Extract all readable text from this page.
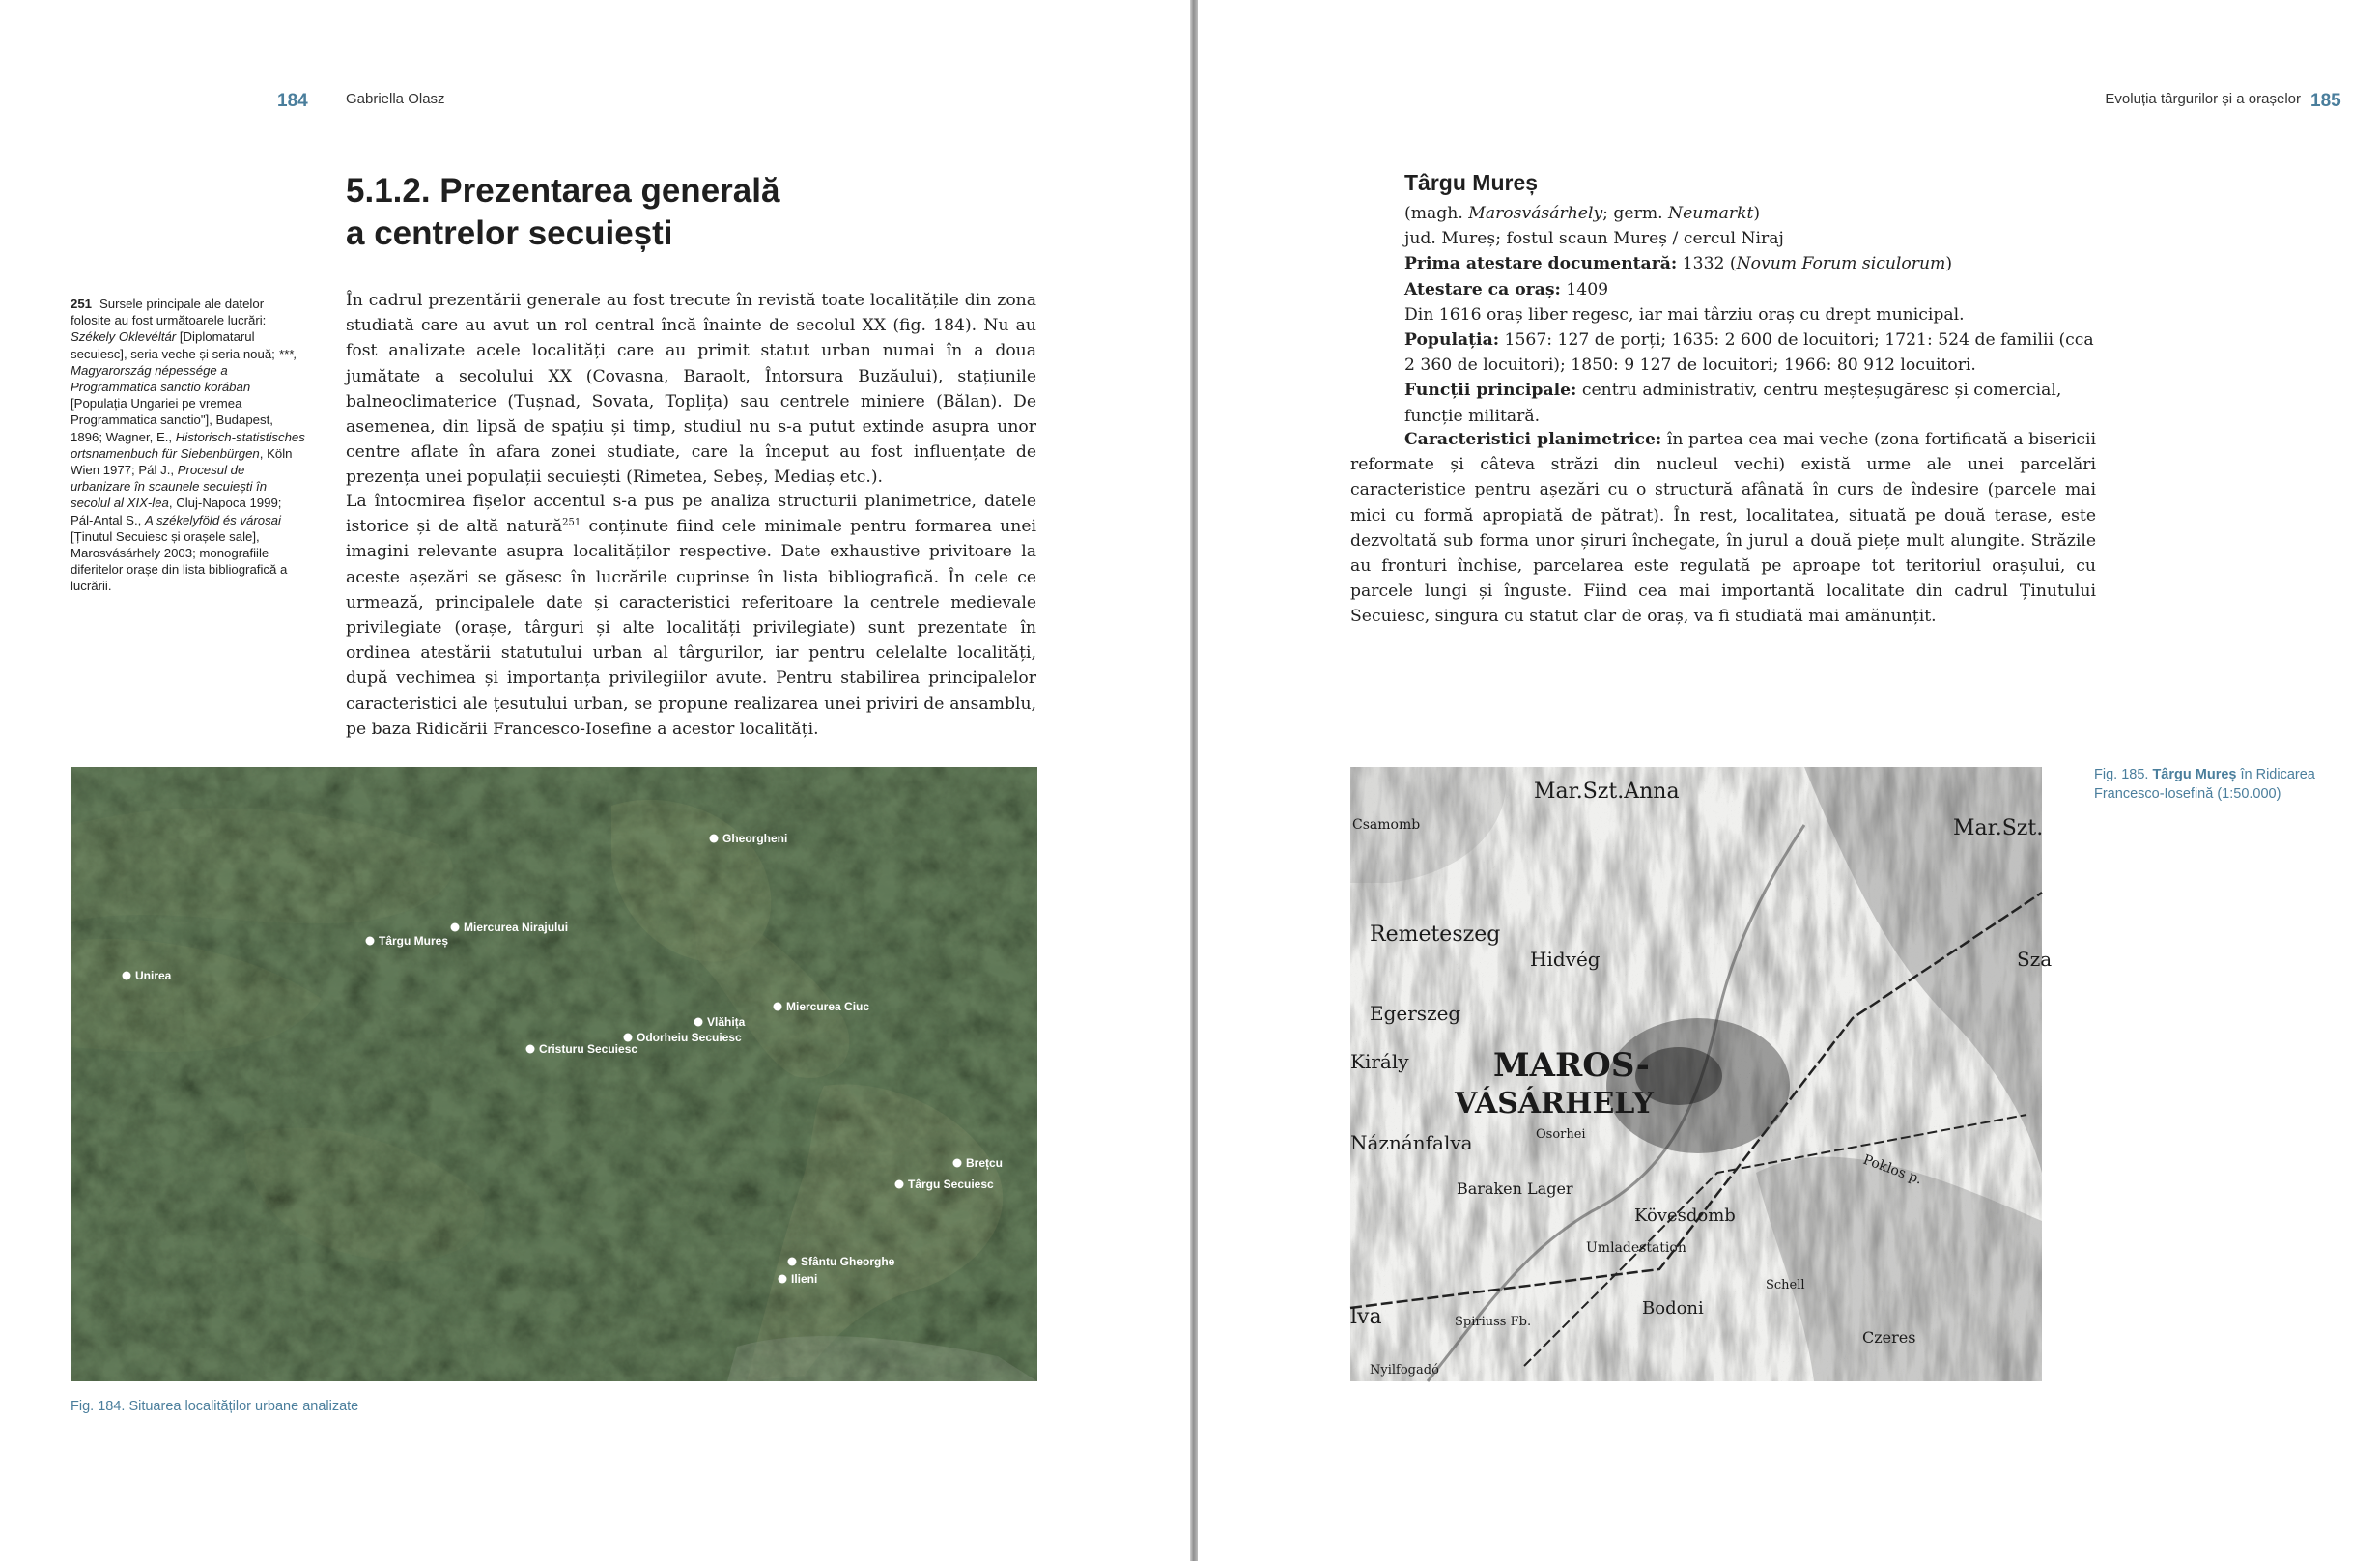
184	Gabriella Olasz
5.1.2. Prezentarea generală
a centrelor secuiești
251 Sursele principale ale datelor folosite au fost următoarele lucrări: Székely Oklevéltár [Diplomatarul secuiesc], seria veche și seria nouă; ***, Magyarország népessége a Programmatica sanctio korában [Populația Ungariei pe vremea Programmatica sanctio"], Budapest, 1896; Wagner, E., Historisch-statistisches ortsnamenbuch für Siebenbürgen, Köln Wien 1977; Pál J., Procesul de urbanizare în scaunele secuiești în secolul al XIX-lea, Cluj-Napoca 1999; Pál-Antal S., A székelyföld és városai [Ținutul Secuiesc și orașele sale], Marosvásárhely 2003; monografiile diferitelor orașe din lista bibliografică a lucrării.

În cadrul prezentării generale au fost trecute în revistă toate localitățile din zona studiată care au avut un rol central încă înainte de secolul XX (fig. 184). Nu au fost analizate acele localități care au primit statut urban numai în a doua jumătate a secolului XX (Covasna, Baraolt, Întorsura Buzăului), stațiunile balneoclimaterice (Tușnad, Sovata, Toplița) sau centrele miniere (Bălan). De asemenea, din lipsă de spațiu și timp, studiul nu s-a putut extinde asupra unor centre aflate în afara zonei studiate, care la început au fost influențate de prezența unei populații secuiești (Rimetea, Sebeș, Mediaș etc.).

La întocmirea fișelor accentul s-a pus pe analiza structurii planimetrice, datele istorice și de altă natură$^{251}$ conținute fiind cele minimale pentru formarea unei imagini relevante asupra localităților respective. Date exhaustive privitoare la aceste așezări se găsesc în lucrările cuprinse în lista bibliografică. În cele ce urmează, principalele date și caracteristici referitoare la centrele medievale privilegiate (orașe, târguri și alte localități privilegiate) sunt prezentate în ordinea atestării statutului urban al târgurilor, iar pentru celelalte localități, după vechimea și importanța privilegiilor avute. Pentru stabilirea principalelor caracteristici ale țesutului urban, se propune realizarea unei priviri de ansamblu, pe baza Ridicării Francesco-Iosefine a acestor localități.

Gheorgheni
Miercurea Nirajului
Târgu Mureș
Unirea
Miercurea Ciuc
Vlăhița
Odorheiu Secuiesc
Cristuru Secuiesc
Brețcu
Târgu Secuiesc
Sfântu Gheorghe
Ilieni
Fig. 184. Situarea localităților urbane analizate
Evoluția târgurilor și a orașelor 185
Târgu Mureș
(magh. Marosvásárhely; germ. Neumarkt)
jud. Mureș; fostul scaun Mureș / cercul Niraj
Prima atestare documentară: 1332 (Novum Forum siculorum)
Atestare ca oraș: 1409
Din 1616 oraș liber regesc, iar mai târziu oraș cu drept municipal.
Populația: 1567: 127 de porți; 1635: 2 600 de locuitori; 1721: 524 de familii (cca 2 360 de locuitori); 1850: 9 127 de locuitori; 1966: 80 912 locuitori.
Funcții principale: centru administrativ, centru meșteșugăresc și comercial, funcție militară.

Caracteristici planimetrice: în partea cea mai veche (zona fortificată a bisericii reformate și câteva străzi din nucleul vechi) există urme ale unei parcelări caracteristice pentru așezări cu o structură afânată în curs de îndesire (parcele mai mici cu formă apropiată de pătrat). În rest, localitatea, situată pe două terase, este dezvoltată sub forma unor șiruri închegate, în jurul a două piețe mult alungite. Străzile au fronturi închise, parcelarea este regulată pe aproape tot teritoriul orașului, cu parcele lungi și înguste. Fiind cea mai importantă localitate din cadrul Ținutului Secuiesc, singura cu statut clar de oraș, va fi studiată mai amănunțit.

Mar.Szt.Anna
Mar.Szt.
Remeteszeg
Hidvég
Egerszeg
MAROS-
VÁSÁRHELY
Király
Náznánfalva
Baraken Lager
Kövesdomb
Umladestation
Bodoni
Czeres
Poklos p.
Sza
lva
Nyilfogadó
Spiriuss Fb.
Schell
Csamomb
Osorhei
Fig. 185. Târgu Mureș în Ridicarea Francesco-Iosefină (1:50.000)
